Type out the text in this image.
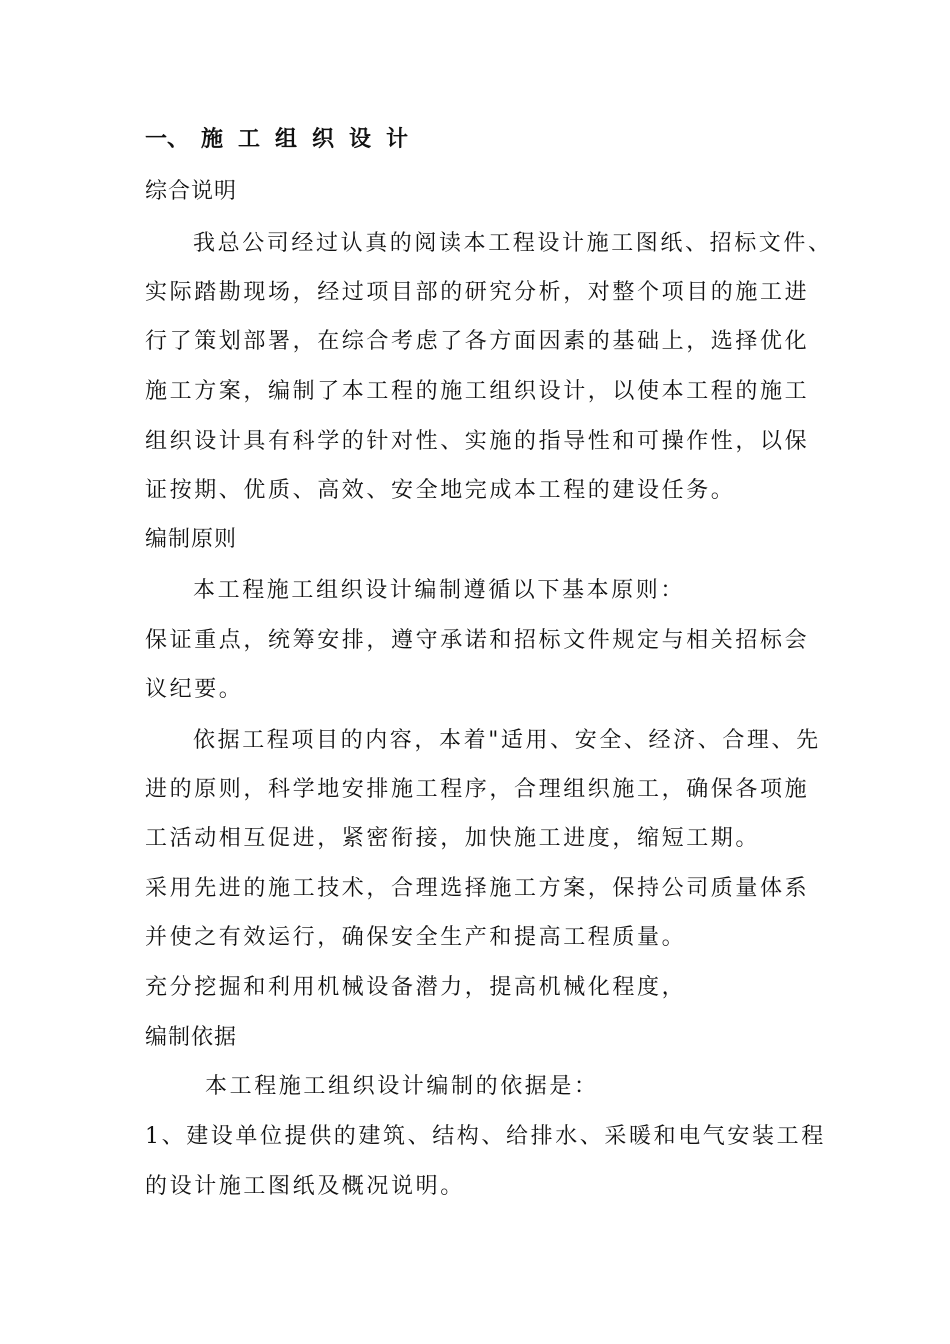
一、 施工组织设计
综合说明
我总公司经过认真的阅读本工程设计施工图纸、招标文件、
实际踏勘现场，经过项目部的研究分析，对整个项目的施工进
行了策划部署，在综合考虑了各方面因素的基础上，选择优化
施工方案，编制了本工程的施工组织设计，以使本工程的施工
组织设计具有科学的针对性、实施的指导性和可操作性，以保
证按期、优质、高效、安全地完成本工程的建设任务。
编制原则
本工程施工组织设计编制遵循以下基本原则：
保证重点，统筹安排，遵守承诺和招标文件规定与相关招标会
议纪要。
依据工程项目的内容，本着"适用、安全、经济、合理、先
进的原则，科学地安排施工程序，合理组织施工，确保各项施
工活动相互促进，紧密衔接，加快施工进度，缩短工期。
采用先进的施工技术，合理选择施工方案，保持公司质量体系
并使之有效运行，确保安全生产和提高工程质量。
充分挖掘和利用机械设备潜力，提高机械化程度，
编制依据
本工程施工组织设计编制的依据是：
1、建设单位提供的建筑、结构、给排水、采暖和电气安装工程
的设计施工图纸及概况说明。
